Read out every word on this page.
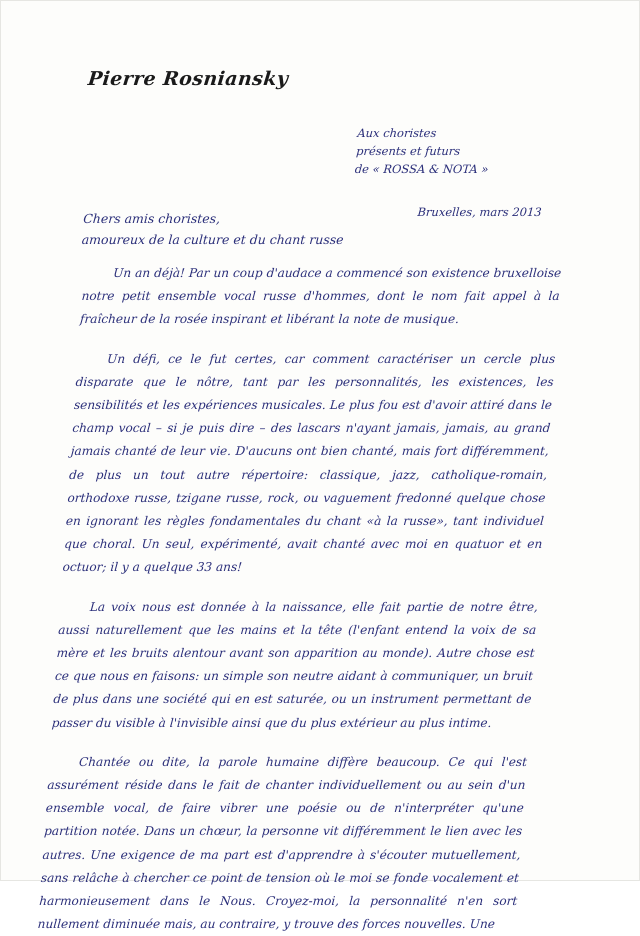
Pierre Rosniansky
Aux choristes
présents et futurs
de « ROSSA & NOTA »
Bruxelles, mars 2013
Chers amis choristes,
amoureux de la culture et du chant russe

Un an déjà! Par un coup d'audace a commencé son existence bruxelloise notre petit ensemble vocal russe d'hommes, dont le nom fait appel à la fraîcheur de la rosée inspirant et libérant la note de musique.

Un défi, ce le fut certes, car comment caractériser un cercle plus disparate que le nôtre, tant par les personnalités, les existences, les sensibilités et les expériences musicales. Le plus fou est d'avoir attiré dans le champ vocal – si je puis dire – des lascars n'ayant jamais, jamais, au grand jamais chanté de leur vie. D'aucuns ont bien chanté, mais fort différemment, de plus un tout autre répertoire: classique, jazz, catholique-romain, orthodoxe russe, tzigane russe, rock, ou vaguement fredonné quelque chose en ignorant les règles fondamentales du chant «à la russe», tant individuel que choral. Un seul, expérimenté, avait chanté avec moi en quatuor et en octuor; il y a quelque 33 ans!

La voix nous est donnée à la naissance, elle fait partie de notre être, aussi naturellement que les mains et la tête (l'enfant entend la voix de sa mère et les bruits alentour avant son apparition au monde). Autre chose est ce que nous en faisons: un simple son neutre aidant à communiquer, un bruit de plus dans une société qui en est saturée, ou un instrument permettant de passer du visible à l'invisible ainsi que du plus extérieur au plus intime.

Chantée ou dite, la parole humaine diffère beaucoup. Ce qui l'est assurément réside dans le fait de chanter individuellement ou au sein d'un ensemble vocal, de faire vibrer une poésie ou de n'interpréter qu'une partition notée. Dans un chœur, la personne vit différemment le lien avec les autres. Une exigence de ma part est d'apprendre à s'écouter mutuellement, sans relâche à chercher ce point de tension où le moi se fonde vocalement et harmonieusement dans le Nous. Croyez-moi, la personnalité n'en sort nullement diminuée mais, au contraire, y trouve des forces nouvelles. Une
